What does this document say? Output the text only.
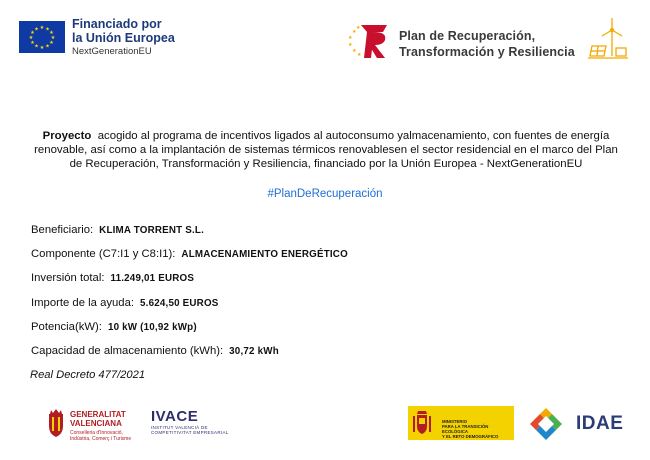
★ ★
★
★
★
★
★
★
★
★
★
★	Financiado por
la Unión Europea
NextGenerationEU
★
★
★
★
★
★
Plan de Recuperación,
Transformación y Resiliencia
Proyecto acogido al programa de incentivos ligados al autoconsumo yalmacenamiento, con fuentes de energía renovable, así como a la implantación de sistemas térmicos renovablesen el sector residencial en el marco del Plan de Recuperación, Transformación y Resiliencia, financiado por la Unión Europea - NextGenerationEU
#PlanDeRecuperación
Beneficiario: KLIMA TORRENT S.L.
Componente (C7:I1 y C8:I1): ALMACENAMIENTO ENERGÉTICO
Inversión total: 11.249,01 EUROS
Importe de la ayuda: 5.624,50 EUROS
Potencia(kW): 10 kW (10,92 kWp)
Capacidad de almacenamiento (kWh): 30,72 kWh
Real Decreto 477/2021
GENERALITAT
VALENCIANA
Conselleria d'Innovació, Indústria, Comerç i Turisme
IVACE
INSTITUT VALENCIÀ DE
COMPETITIVITAT EMPRESARIAL
MINISTERIO
PARA LA TRANSICIÓN ECOLÓGICA
Y EL RETO DEMOGRÁFICO
IDAE
